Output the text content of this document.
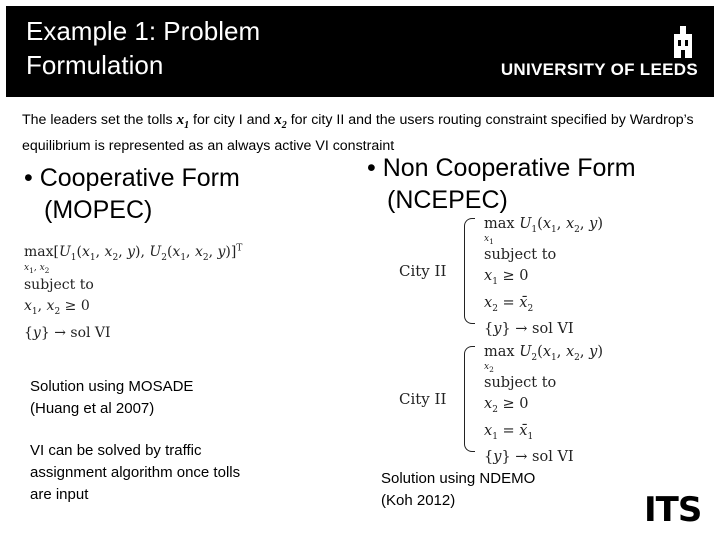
Example 1: Problem
Formulation	UNIVERSITY OF LEEDS
The leaders set the tolls $x_1$ for city I and $x_2$ for city II and the users routing constraint specified by Wardrop’s equilibrium is represented as an always active VI constraint
• Cooperative Form
(MOPEC)
$\max[U_1(x_1$, $x_2$, y), $U_2(x_1$, $x_2$, y)]$^T$
$x_1$, $x_2$
subject to
$x_1$, $x_2 \ge 0$
{y} → sol VI
Solution using MOSADE
(Huang et al 2007)
VI can be solved by traffic
assignment algorithm once tolls
are input
• Non Cooperative Form
(NCEPEC)
City II
$\max U_1(x_1$, $x_2$, y)
$x_1$
subject to
$x_1 \ge 0$
$x_2$ = $x̄_2$
{y} → sol VI
City II
$\max U_2(x_1$, $x_2$, y)
$x_2$
subject to
$x_2 \ge 0$
$x_1$ = $x̄_1$
{y} → sol VI
Solution using NDEMO
(Koh 2012)	ITS
